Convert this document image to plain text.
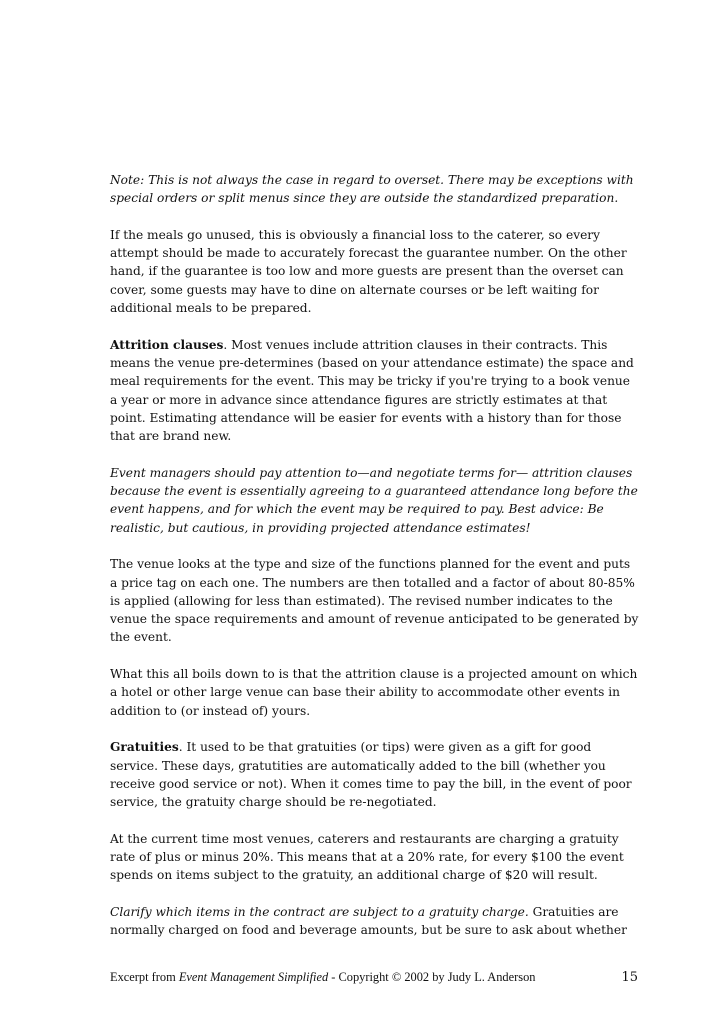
Note: This is not always the case in regard to overset. There may be exceptions with
special orders or split menus since they are outside the standardized preparation.

If the meals go unused, this is obviously a financial loss to the caterer, so every attempt should be made to accurately forecast the guarantee number. On the other hand, if the guarantee is too low and more guests are present than the overset can cover, some guests may have to dine on alternate courses or be left waiting for additional meals to be prepared.

Attrition clauses. Most venues include attrition clauses in their contracts. This means the venue pre-determines (based on your attendance estimate) the space and meal requirements for the event. This may be tricky if you're trying to a book venue a year or more in advance since attendance figures are strictly estimates at that point. Estimating attendance will be easier for events with a history than for those that are brand new.

Event managers should pay attention to—and negotiate terms for— attrition clauses because the event is essentially agreeing to a guaranteed attendance long before the event happens, and for which the event may be required to pay. Best advice: Be realistic, but cautious, in providing projected attendance estimates!

The venue looks at the type and size of the functions planned for the event and puts a price tag on each one. The numbers are then totalled and a factor of about 80-85% is applied (allowing for less than estimated). The revised number indicates to the venue the space requirements and amount of revenue anticipated to be generated by the event.

What this all boils down to is that the attrition clause is a projected amount on which a hotel or other large venue can base their ability to accommodate other events in addition to (or instead of) yours.

Gratuities. It used to be that gratuities (or tips) were given as a gift for good service. These days, gratutities are automatically added to the bill (whether you receive good service or not). When it comes time to pay the bill, in the event of poor service, the gratuity charge should be re-negotiated.

At the current time most venues, caterers and restaurants are charging a gratuity rate of plus or minus 20%. This means that at a 20% rate, for every $100 the event spends on items subject to the gratuity, an additional charge of $20 will result.

Clarify which items in the contract are subject to a gratuity charge. Gratuities are normally charged on food and beverage amounts, but be sure to ask about whether

Excerpt from Event Management Simplified - Copyright © 2002 by Judy L. Anderson	15
